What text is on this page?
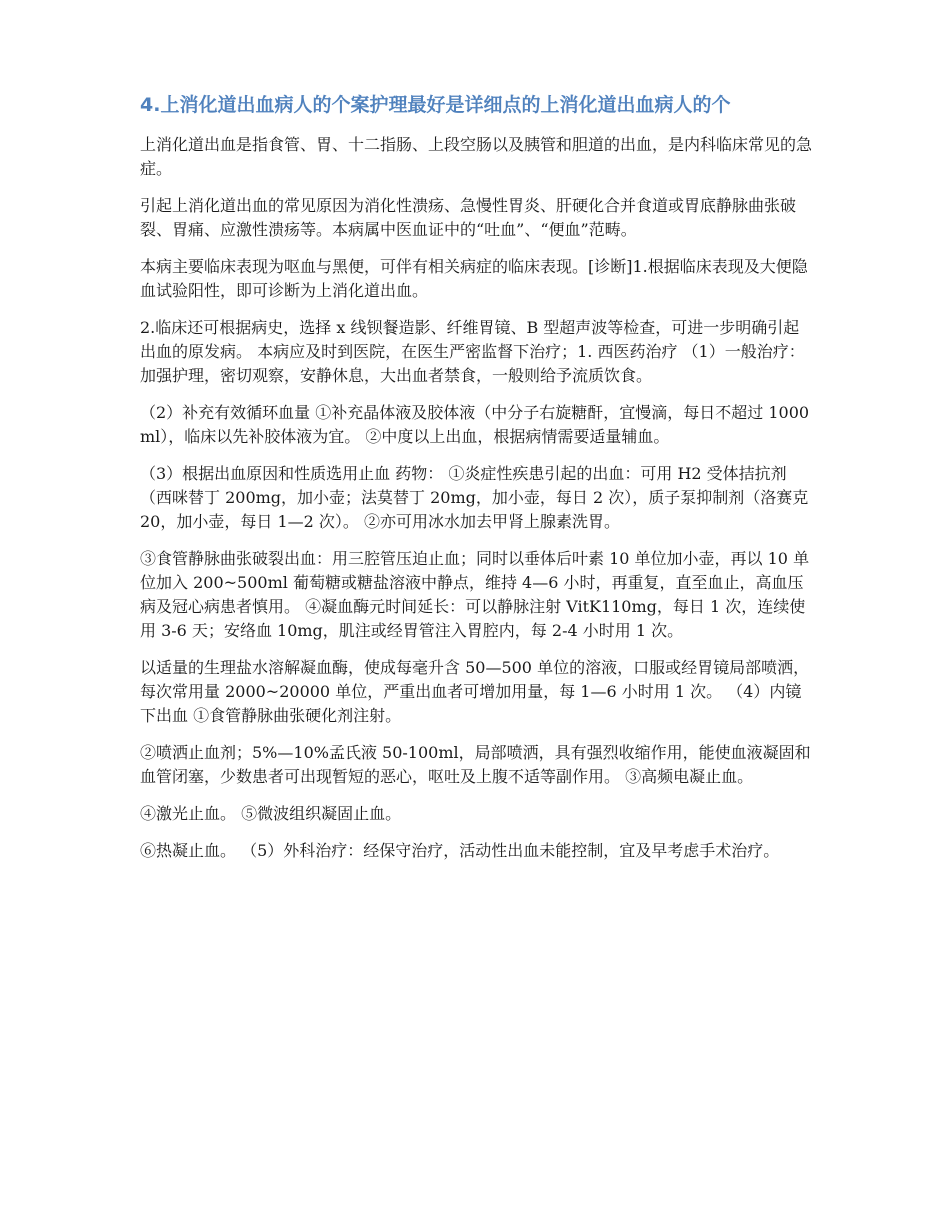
4.上消化道出血病人的个案护理最好是详细点的上消化道出血病人的个

上消化道出血是指食管、胃、十二指肠、上段空肠以及胰管和胆道的出血，是内科临床常见的急症。

引起上消化道出血的常见原因为消化性溃疡、急慢性胃炎、肝硬化合并食道或胃底静脉曲张破裂、胃痛、应激性溃疡等。本病属中医血证中的“吐血”、“便血”范畴。

本病主要临床表现为呕血与黑便，可伴有相关病症的临床表现。[诊断]1.根据临床表现及大便隐血试验阳性，即可诊断为上消化道出血。

2.临床还可根据病史，选择 x 线钡餐造影、纤维胃镜、B 型超声波等检查，可进一步明确引起出血的原发病。 本病应及时到医院，在医生严密监督下治疗；1. 西医药治疗 （1）一般治疗：加强护理，密切观察，安静休息，大出血者禁食，一般则给予流质饮食。

（2）补充有效循环血量 ①补充晶体液及胶体液（中分子右旋糖酐，宜慢滴，每日不超过 1000ml），临床以先补胶体液为宜。 ②中度以上出血，根据病情需要适量辅血。

（3）根据出血原因和性质选用止血 药物： ①炎症性疾患引起的出血：可用 H2 受体拮抗剂（西咪替丁 200mg，加小壶；法莫替丁 20mg，加小壶，每日 2 次），质子泵抑制剂（洛赛克 20，加小壶，每日 1—2 次）。 ②亦可用冰水加去甲肾上腺素洗胃。

③食管静脉曲张破裂出血：用三腔管压迫止血；同时以垂体后叶素 10 单位加小壶，再以 10 单位加入 200~500ml 葡萄糖或糖盐溶液中静点，维持 4—6 小时，再重复，直至血止，高血压病及冠心病患者慎用。 ④凝血酶元时间延长：可以静脉注射 VitK110mg，每日 1 次，连续使用 3-6 天；安络血 10mg，肌注或经胃管注入胃腔内，每 2-4 小时用 1 次。

以适量的生理盐水溶解凝血酶，使成每毫升含 50—500 单位的溶液，口服或经胃镜局部喷洒，每次常用量 2000~20000 单位，严重出血者可增加用量，每 1—6 小时用 1 次。 （4）内镜下出血 ①食管静脉曲张硬化剂注射。

②喷洒止血剂；5%—10%孟氏液 50-100ml，局部喷洒，具有强烈收缩作用，能使血液凝固和血管闭塞，少数患者可出现暂短的恶心，呕吐及上腹不适等副作用。 ③高频电凝止血。

④激光止血。 ⑤微波组织凝固止血。

⑥热凝止血。 （5）外科治疗：经保守治疗，活动性出血未能控制，宜及早考虑手术治疗。
